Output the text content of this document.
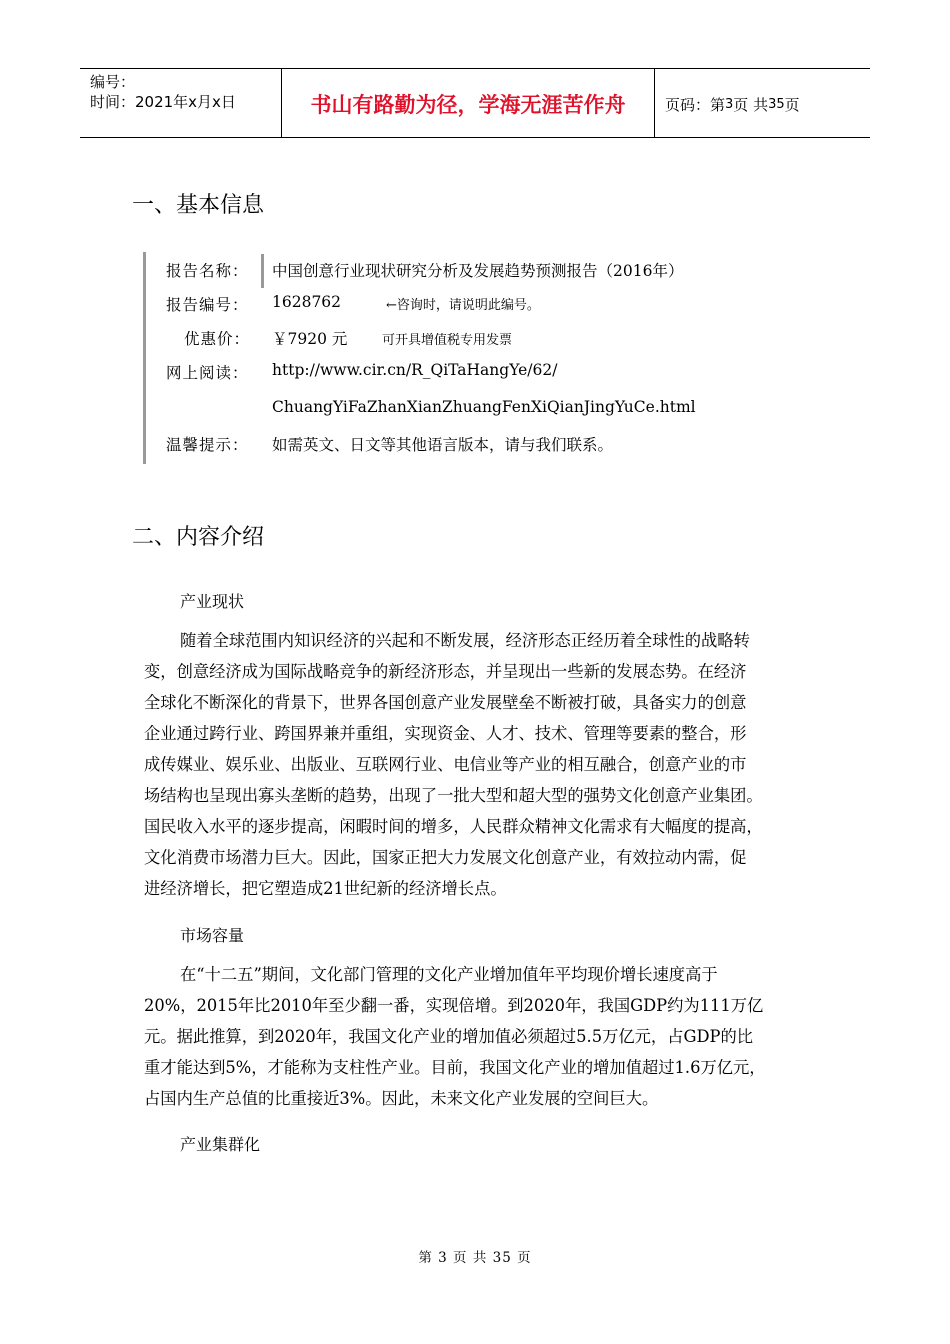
编号：
时间：2021年x月x日	书山有路勤为径，学海无涯苦作舟	页码：第 3 页 共 35 页
一、基本信息
报告名称：	中国创意行业现状研究分析及发展趋势预测报告（2016年）
报告编号：	1628762	←咨询时，请说明此编号。
优惠价：	￥7920 元	可开具增值税专用发票
网上阅读：	http://www.cir.cn/R_QiTaHangYe/62/
ChuangYiFaZhanXianZhuangFenXiQianJingYuCe.html
温馨提示：	如需英文、日文等其他语言版本，请与我们联系。
二、内容介绍
产业现状
随着全球范围内知识经济的兴起和不断发展，经济形态正经历着全球性的战略转
变，创意经济成为国际战略竞争的新经济形态，并呈现出一些新的发展态势。在经济
全球化不断深化的背景下，世界各国创意产业发展壁垒不断被打破，具备实力的创意
企业通过跨行业、跨国界兼并重组，实现资金、人才、技术、管理等要素的整合，形
成传媒业、娱乐业、出版业、互联网行业、电信业等产业的相互融合，创意产业的市
场结构也呈现出寡头垄断的趋势，出现了一批大型和超大型的强势文化创意产业集团。
国民收入水平的逐步提高，闲暇时间的增多，人民群众精神文化需求有大幅度的提高，
文化消费市场潜力巨大。因此，国家正把大力发展文化创意产业，有效拉动内需，促
进经济增长，把它塑造成21世纪新的经济增长点。
市场容量
在“十二五”期间，文化部门管理的文化产业增加值年平均现价增长速度高于
20%，2015年比2010年至少翻一番，实现倍增。到2020年，我国GDP约为111万亿
元。据此推算，到2020年，我国文化产业的增加值必须超过5.5万亿元，占GDP的比
重才能达到5%，才能称为支柱性产业。目前，我国文化产业的增加值超过1.6万亿元，
占国内生产总值的比重接近3%。因此，未来文化产业发展的空间巨大。
产业集群化
第 3 页 共 35 页
